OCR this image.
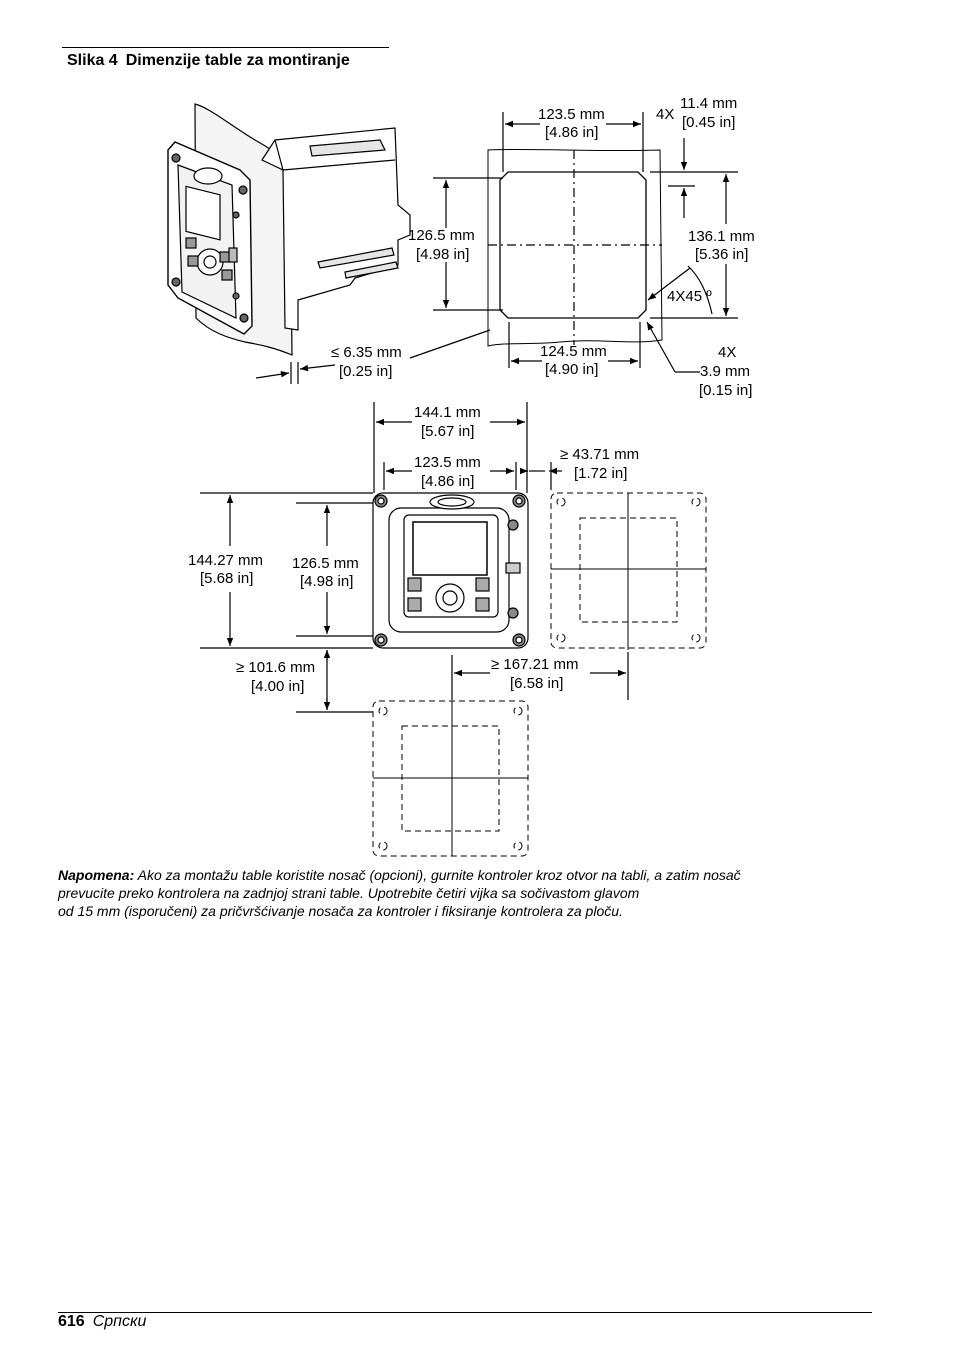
Slika 4 Dimenzije table za montiranje
≤ 6.35 mm
[0.25 in]
123.5 mm
[4.86 in]
4X
11.4 mm
[0.45 in]
126.5 mm
[4.98 in]
136.1 mm
[5.36 in]
4X45 º
124.5 mm
[4.90 in]
4X
3.9 mm
[0.15 in]
144.1 mm
[5.67 in]
123.5 mm
[4.86 in]
≥ 43.71 mm
[1.72 in]
144.27 mm
[5.68 in]
126.5 mm
[4.98 in]
≥ 101.6 mm
[4.00 in]
≥ 167.21 mm
[6.58 in]
Napomena: Ako za montažu table koristite nosač (opcioni), gurnite kontroler kroz otvor na tabli, a zatim nosač
prevucite preko kontrolera na zadnjoj strani table. Upotrebite četiri vijka sa sočivastom glavom
od 15 mm (isporučeni) za pričvršćivanje nosača za kontroler i fiksiranje kontrolera za ploču.
616 Српски
